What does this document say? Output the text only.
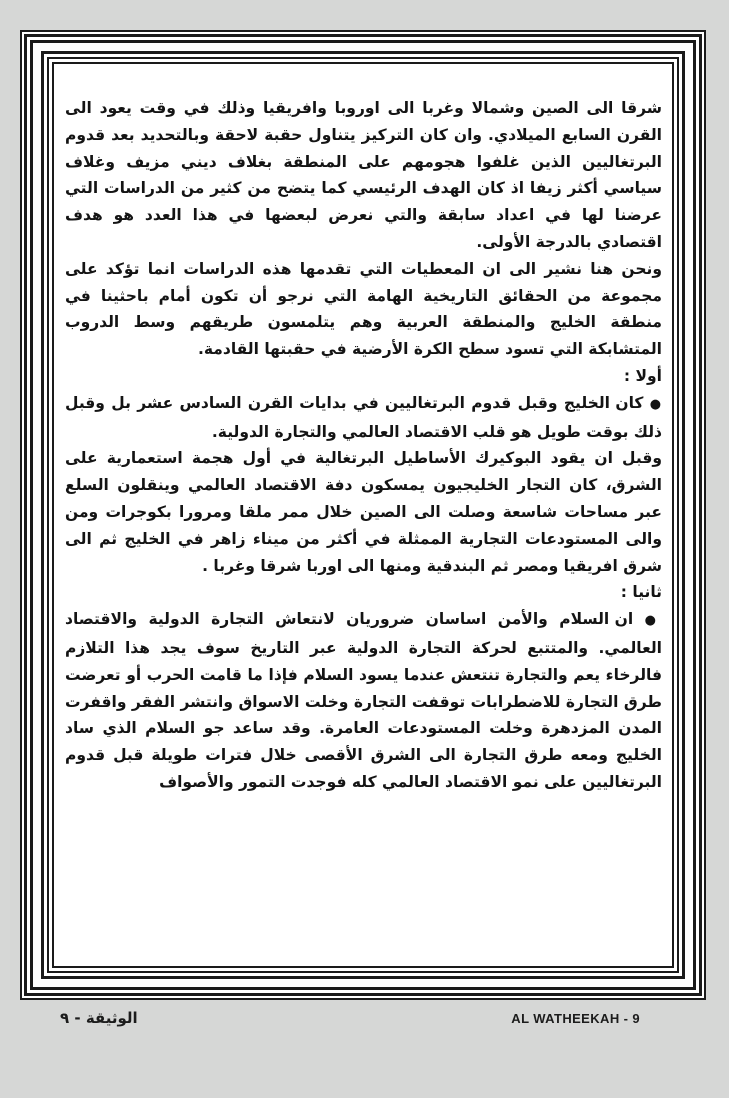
شرقا الى الصين وشمالا وغربا الى اوروبا وافريقيا وذلك في وقت يعود الى القرن السابع الميلادي. وان كان التركيز يتناول حقبة لاحقة وبالتحديد بعد قدوم البرتغاليين الذين غلفوا هجومهم على المنطقة بغلاف ديني مزيف وغلاف سياسي أكثر زيفا اذ كان الهدف الرئيسي كما يتضح من كثير من الدراسات التي عرضنا لها في اعداد سابقة والتي نعرض لبعضها في هذا العدد هو هدف اقتصادي بالدرجة الأولى.

ونحن هنا نشير الى ان المعطيات التي تقدمها هذه الدراسات انما تؤكد على مجموعة من الحقائق التاريخية الهامة التي نرجو أن تكون أمام باحثينا في منطقة الخليج والمنطقة العربية وهم يتلمسون طريقهم وسط الدروب المتشابكة التي تسود سطح الكرة الأرضية في حقبتها القادمة.

أولا :

● كان الخليج وقبل قدوم البرتغاليين في بدايات القرن السادس عشر بل وقبل ذلك بوقت طويل هو قلب الاقتصاد العالمي والتجارة الدولية.

وقبل ان يقود البوكيرك الأساطيل البرتغالية في أول هجمة استعمارية على الشرق، كان التجار الخليجيون يمسكون دفة الاقتصاد العالمي وينقلون السلع عبر مساحات شاسعة وصلت الى الصين خلال ممر ملقا ومرورا بكوجرات ومن والى المستودعات التجارية الممثلة في أكثر من ميناء زاهر في الخليج ثم الى شرق افريقيا ومصر ثم البندقية ومنها الى اوربا شرقا وغربا .

ثانيا :

● ان السلام والأمن اساسان ضروريان لانتعاش التجارة الدولية والاقتصاد العالمي. والمتتبع لحركة التجارة الدولية عبر التاريخ سوف يجد هذا التلازم فالرخاء يعم والتجارة تنتعش عندما يسود السلام فإذا ما قامت الحرب أو تعرضت طرق التجارة للاضطرابات توقفت التجارة وخلت الاسواق وانتشر الفقر واقفرت المدن المزدهرة وخلت المستودعات العامرة. وقد ساعد جو السلام الذي ساد الخليج ومعه طرق التجارة الى الشرق الأقصى خلال فترات طويلة قبل قدوم البرتغاليين على نمو الاقتصاد العالمي كله فوجدت التمور والأصواف

الوثيقة - ٩	AL WATHEEKAH - 9
